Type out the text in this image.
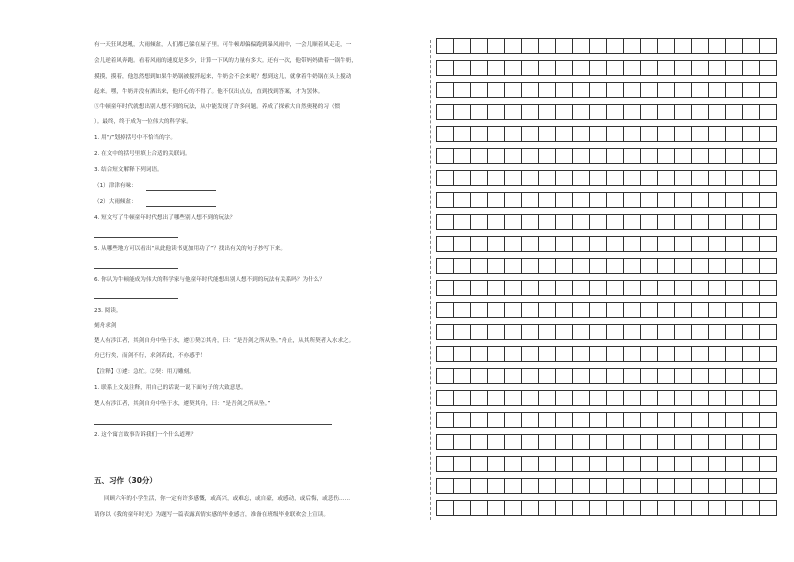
有一天狂风怒吼，大雨倾盆，人们都已躲在屋子里。可牛顿却偏偏跑到暴风雨中，一会儿顺着风走走，一
会儿逆着风奔跑。看着风雨的速度是多少，计算一下风的力量有多大。还有一次，他带妈妈做着一锅牛奶，
摸摸，摸着，他忽然想到如果牛奶锅被搅拌起来，牛奶会不会来呢？想到这儿，就拿着牛奶锅在头上搅动
起来。嘿，牛奶并没有洒出来，他开心的不得了。他不仅出点点，直到找到答案，才为罢休。
⑤牛顿童年时代就想出别人想不到的玩法，从中能发现了许多问题。养成了探索大自然奥秘的习（惯
）。最终，终于成为一位伟大的科学家。
1. 用“/”划掉括号中不恰当的字。
2. 在文中的括号里填上合适的关联词。
3. 结合短文解释下列词语。
（1）津津有味：
（2）大雨倾盆：
4. 短文写了牛顿童年时代想出了哪些别人想不到的玩法？
5. 从哪些地方可以看出“从此他读书更加用功了”？找出有关的句子抄写下来。
6. 你认为牛顿能成为伟大的科学家与他童年时代能想出别人想不到的玩法有关系吗？为什么？
23. 阅读。
刻舟求剑
楚人有涉江者，其剑自舟中坠于水，遽①契②其舟，曰：“是吾剑之所从坠。”舟止，从其所契者入水求之。
舟已行矣，而剑不行，求剑若此，不亦惑乎！
【注释】①遽：急忙。②契：用刀雕刻。
1. 联系上文及注释，用自己的话说一说下面句子的大致意思。
楚人有涉江者，其剑自舟中坠于水，遽契其舟，曰：“是吾剑之所从坠。”
2. 这个寓言故事告诉我们一个什么道理？
五、习作（30分）
回顾六年的小学生活，你一定有许多感慨，或高兴，或难忘，或自豪，或感动，或后悔，或悲伤……
请你以《我的童年时光》为题写一篇表露真情实感的毕业感言，准备在班级毕业联欢会上宣读。
